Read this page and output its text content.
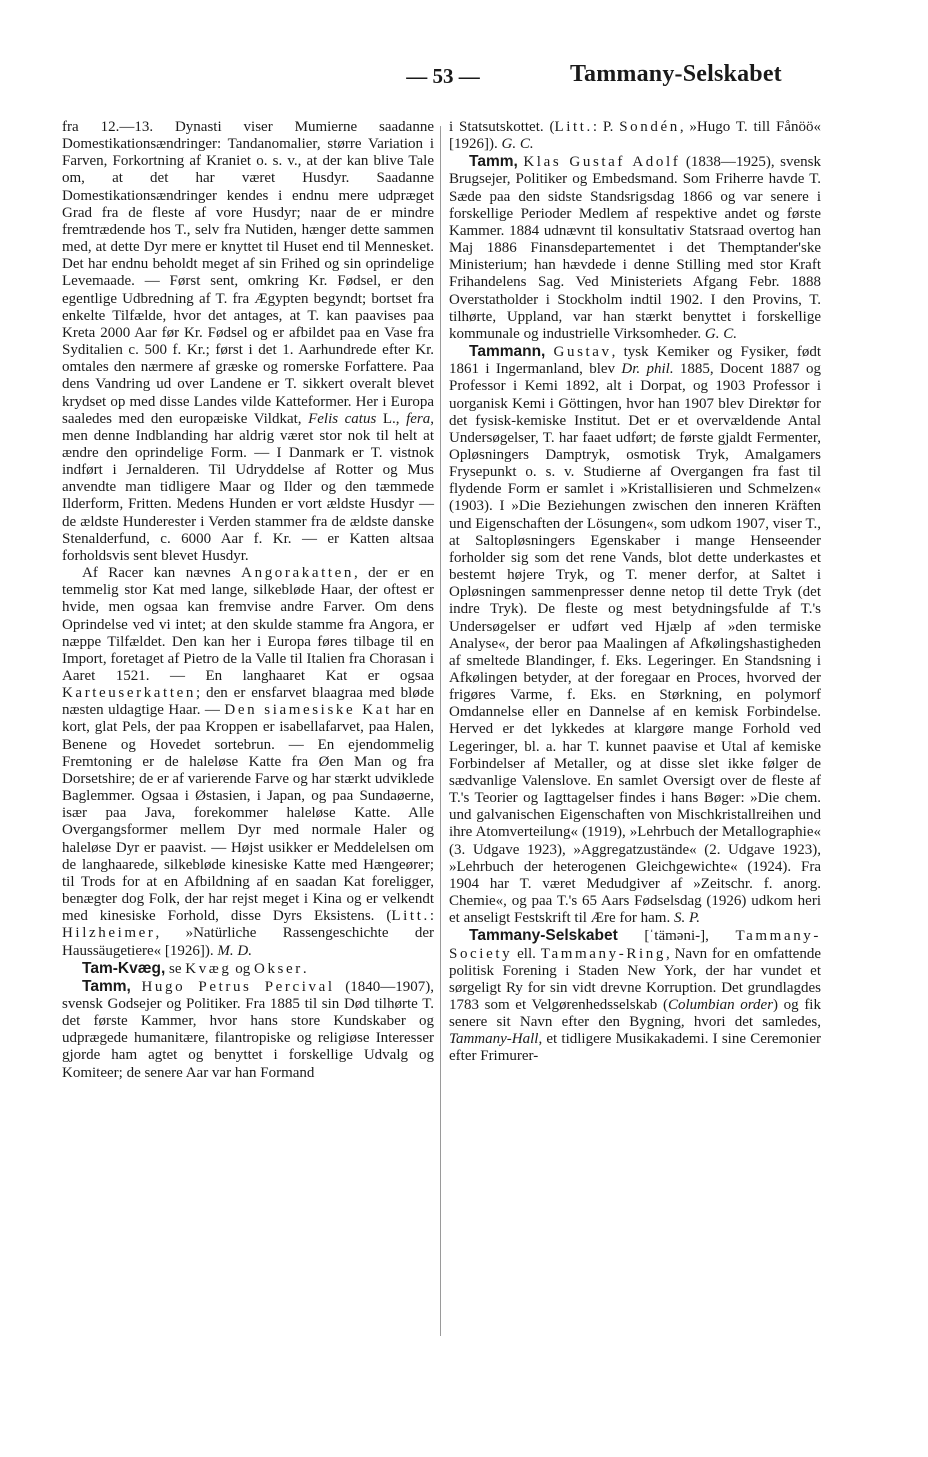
— 53 —	Tammany-Selskabet

fra 12.—13. Dynasti viser Mumierne saadanne Domestikationsændringer: Tandanomalier, større Variation i Farven, Forkortning af Kraniet o. s. v., at der kan blive Tale om, at det har været Husdyr. Saadanne Domestikationsændringer kendes i endnu mere udpræget Grad fra de fleste af vore Husdyr; naar de er mindre fremtrædende hos T., selv fra Nutiden, hænger dette sammen med, at dette Dyr mere er knyttet til Huset end til Mennesket. Det har endnu beholdt meget af sin Frihed og sin oprindelige Levemaade. — Først sent, omkring Kr. Fødsel, er den egentlige Udbredning af T. fra Ægypten begyndt; bortset fra enkelte Tilfælde, hvor det antages, at T. kan paavises paa Kreta 2000 Aar før Kr. Fødsel og er afbildet paa en Vase fra Syditalien c. 500 f. Kr.; først i det 1. Aarhundrede efter Kr. omtales den nærmere af græske og romerske Forfattere. Paa dens Vandring ud over Landene er T. sikkert overalt blevet krydset op med disse Landes vilde Katteformer. Her i Europa saaledes med den europæiske Vildkat, Felis catus L., fera, men denne Indblanding har aldrig været stor nok til helt at ændre den oprindelige Form. — I Danmark er T. vistnok indført i Jernalderen. Til Udryddelse af Rotter og Mus anvendte man tidligere Maar og Ilder og den tæmmede Ilderform, Fritten. Medens Hunden er vort ældste Husdyr — de ældste Hunderester i Verden stammer fra de ældste danske Stenalderfund, c. 6000 Aar f. Kr. — er Katten altsaa forholdsvis sent blevet Husdyr.

Af Racer kan nævnes Angorakatten, der er en temmelig stor Kat med lange, silkebløde Haar, der oftest er hvide, men ogsaa kan fremvise andre Farver. Om dens Oprindelse ved vi intet; at den skulde stamme fra Angora, er næppe Tilfældet. Den kan her i Europa føres tilbage til en Import, foretaget af Pietro de la Valle til Italien fra Chorasan i Aaret 1521. — En langhaaret Kat er ogsaa Karteuserkatten; den er ensfarvet blaagraa med bløde næsten uldagtige Haar. — Den siamesiske Kat har en kort, glat Pels, der paa Kroppen er isabellafarvet, paa Halen, Benene og Hovedet sortebrun. — En ejendommelig Fremtoning er de haleløse Katte fra Øen Man og fra Dorsetshire; de er af varierende Farve og har stærkt udviklede Baglemmer. Ogsaa i Østasien, i Japan, og paa Sundaøerne, især paa Java, forekommer haleløse Katte. Alle Overgangsformer mellem Dyr med normale Haler og haleløse Dyr er paavist. — Højst usikker er Meddelelsen om de langhaarede, silkebløde kinesiske Katte med Hængeører; til Trods for at en Afbildning af en saadan Kat foreligger, benægter dog Folk, der har rejst meget i Kina og er velkendt med kinesiske Forhold, disse Dyrs Eksistens. (Litt.: Hilzheimer, »Natürliche Rassengeschichte der Haussäugetiere« [1926]). M. D.

Tam-Kvæg, se Kvæg og Okser.

Tamm, Hugo Petrus Percival (1840—1907), svensk Godsejer og Politiker. Fra 1885 til sin Død tilhørte T. det første Kammer, hvor hans store Kundskaber og udprægede humanitære, filantropiske og religiøse Interesser gjorde ham agtet og benyttet i forskellige Udvalg og Komiteer; de senere Aar var han Formand

i Statsutskottet. (Litt.: P. Sondén, »Hugo T. till Fånöö« [1926]). G. C.

Tamm, Klas Gustaf Adolf (1838—1925), svensk Brugsejer, Politiker og Embedsmand. Som Friherre havde T. Sæde paa den sidste Standsrigsdag 1866 og var senere i forskellige Perioder Medlem af respektive andet og første Kammer. 1884 udnævnt til konsultativ Statsraad overtog han Maj 1886 Finansdepartementet i det Themptander'ske Ministerium; han hævdede i denne Stilling med stor Kraft Frihandelens Sag. Ved Ministeriets Afgang Febr. 1888 Overstatholder i Stockholm indtil 1902. I den Provins, T. tilhørte, Uppland, var han stærkt benyttet i forskellige kommunale og industrielle Virksomheder. G. C.

Tammann, Gustav, tysk Kemiker og Fysiker, født 1861 i Ingermanland, blev Dr. phil. 1885, Docent 1887 og Professor i Kemi 1892, alt i Dorpat, og 1903 Professor i uorganisk Kemi i Göttingen, hvor han 1907 blev Direktør for det fysisk-kemiske Institut. Det er et overvældende Antal Undersøgelser, T. har faaet udført; de første gjaldt Fermenter, Opløsningers Damptryk, osmotisk Tryk, Amalgamers Frysepunkt o. s. v. Studierne af Overgangen fra fast til flydende Form er samlet i »Kristallisieren und Schmelzen« (1903). I »Die Beziehungen zwischen den inneren Kräften und Eigenschaften der Lösungen«, som udkom 1907, viser T., at Saltopløsningers Egenskaber i mange Henseender forholder sig som det rene Vands, blot dette underkastes et bestemt højere Tryk, og T. mener derfor, at Saltet i Opløsningen sammenpresser denne netop til dette Tryk (det indre Tryk). De fleste og mest betydningsfulde af T.'s Undersøgelser er udført ved Hjælp af »den termiske Analyse«, der beror paa Maalingen af Afkølingshastigheden af smeltede Blandinger, f. Eks. Legeringer. En Standsning i Afkølingen betyder, at der foregaar en Proces, hvorved der frigøres Varme, f. Eks. en Størkning, en polymorf Omdannelse eller en Dannelse af en kemisk Forbindelse. Herved er det lykkedes at klargøre mange Forhold ved Legeringer, bl. a. har T. kunnet paavise et Utal af kemiske Forbindelser af Metaller, og at disse slet ikke følger de sædvanlige Valenslove. En samlet Oversigt over de fleste af T.'s Teorier og Iagttagelser findes i hans Bøger: »Die chem. und galvanischen Eigenschaften von Mischkristallreihen und ihre Atomverteilung« (1919), »Lehrbuch der Metallographie« (3. Udgave 1923), »Aggregatzustände« (2. Udgave 1923), »Lehrbuch der heterogenen Gleichgewichte« (1924). Fra 1904 har T. været Medudgiver af »Zeitschr. f. anorg. Chemie«, og paa T.'s 65 Aars Fødselsdag (1926) udkom heri et anseligt Festskrift til Ære for ham. S. P.

Tammany-Selskabet [ˈtäməni-], Tammany-Society ell. Tammany-Ring, Navn for en omfattende politisk Forening i Staden New York, der har vundet et sørgeligt Ry for sin vidt drevne Korruption. Det grundlagdes 1783 som et Velgørenhedsselskab (Columbian order) og fik senere sit Navn efter den Bygning, hvori det samledes, Tammany-Hall, et tidligere Musikakademi. I sine Ceremonier efter Frimurer-
